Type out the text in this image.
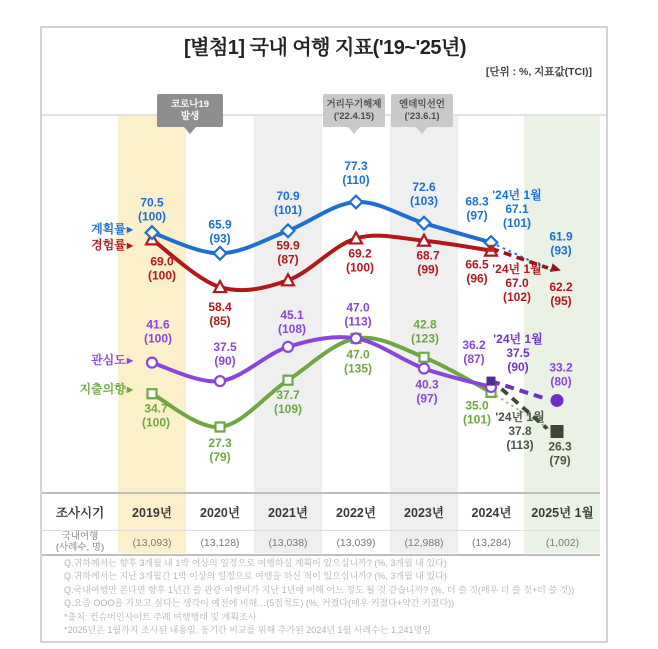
70.5
(100)
65.9
(93)
70.9
(101)
77.3
(110)
72.6
(103) 68.3
(97)
61.9
(93)
'24년 1월
67.1
(101)
69.0
(100)
58.4
(85)
59.9
(87)	69.2
(100)
68.7
(99) 66.5
(96)
62.2
(95)
'24년 1월
67.0
(102)
41.6
(100)
37.5
(90)
45.1
(108)
47.0
(113)
40.3
(97)
36.2
(87)
33.2
(80)
'24년 1월
37.5
(90)
34.7
(100)
27.3
(79)
37.7
(109)
47.0
(135)
42.8
(123)
35.0
(101)
26.3
(79)
'24년 1월
37.8
(113)
[별첨1] 국내 여행 지표('19~'25년)
[단위 : %, 지표값(TCI)]
코로나19
발생
거리두기해제
('22.4.15)
엔데믹선언
('23.6.1)
계획률▶
경험률▶
관심도▶
지출의향▶
조사시기	2019년	2020년	2021년	2022년	2023년	2024년	2025년 1월
국내여행
(사례수, 명)	(13,093)	(13,128)	(13,038)	(13,039)	(12,988)	(13,284)	(1,002)
Q.귀하께서는 향후 3개월 내 1박 이상의 일정으로 여행하실 계획이 있으십니까? (%, 3개월 내 있다)
Q.귀하께서는 지난 3개월간 1박 이상의 일정으로 여행을 하신 적이 있으십니까? (%, 3개월 내 있다)
Q.국내여행만 본다면 향후 1년간 쓸 관광·여행비가 지난 1년에 비해 어느 정도 될 것 같습니까? (%, 더 쓸 것(매우 더 쓸 것+더 쓸 것))
Q.요즘 OOO을 가보고 싶다는 생각이 예전에 비해…(5점척도) (%, 커졌다(매우 커졌다+약간 커졌다))
*출처: 컨슈머인사이트 주례 여행행태 및 계획조사
*2025년은 1월까지 조사된 내용임. 동기간 비교를 위해 추가된 2024년 1월 사례수는 1,241명임
